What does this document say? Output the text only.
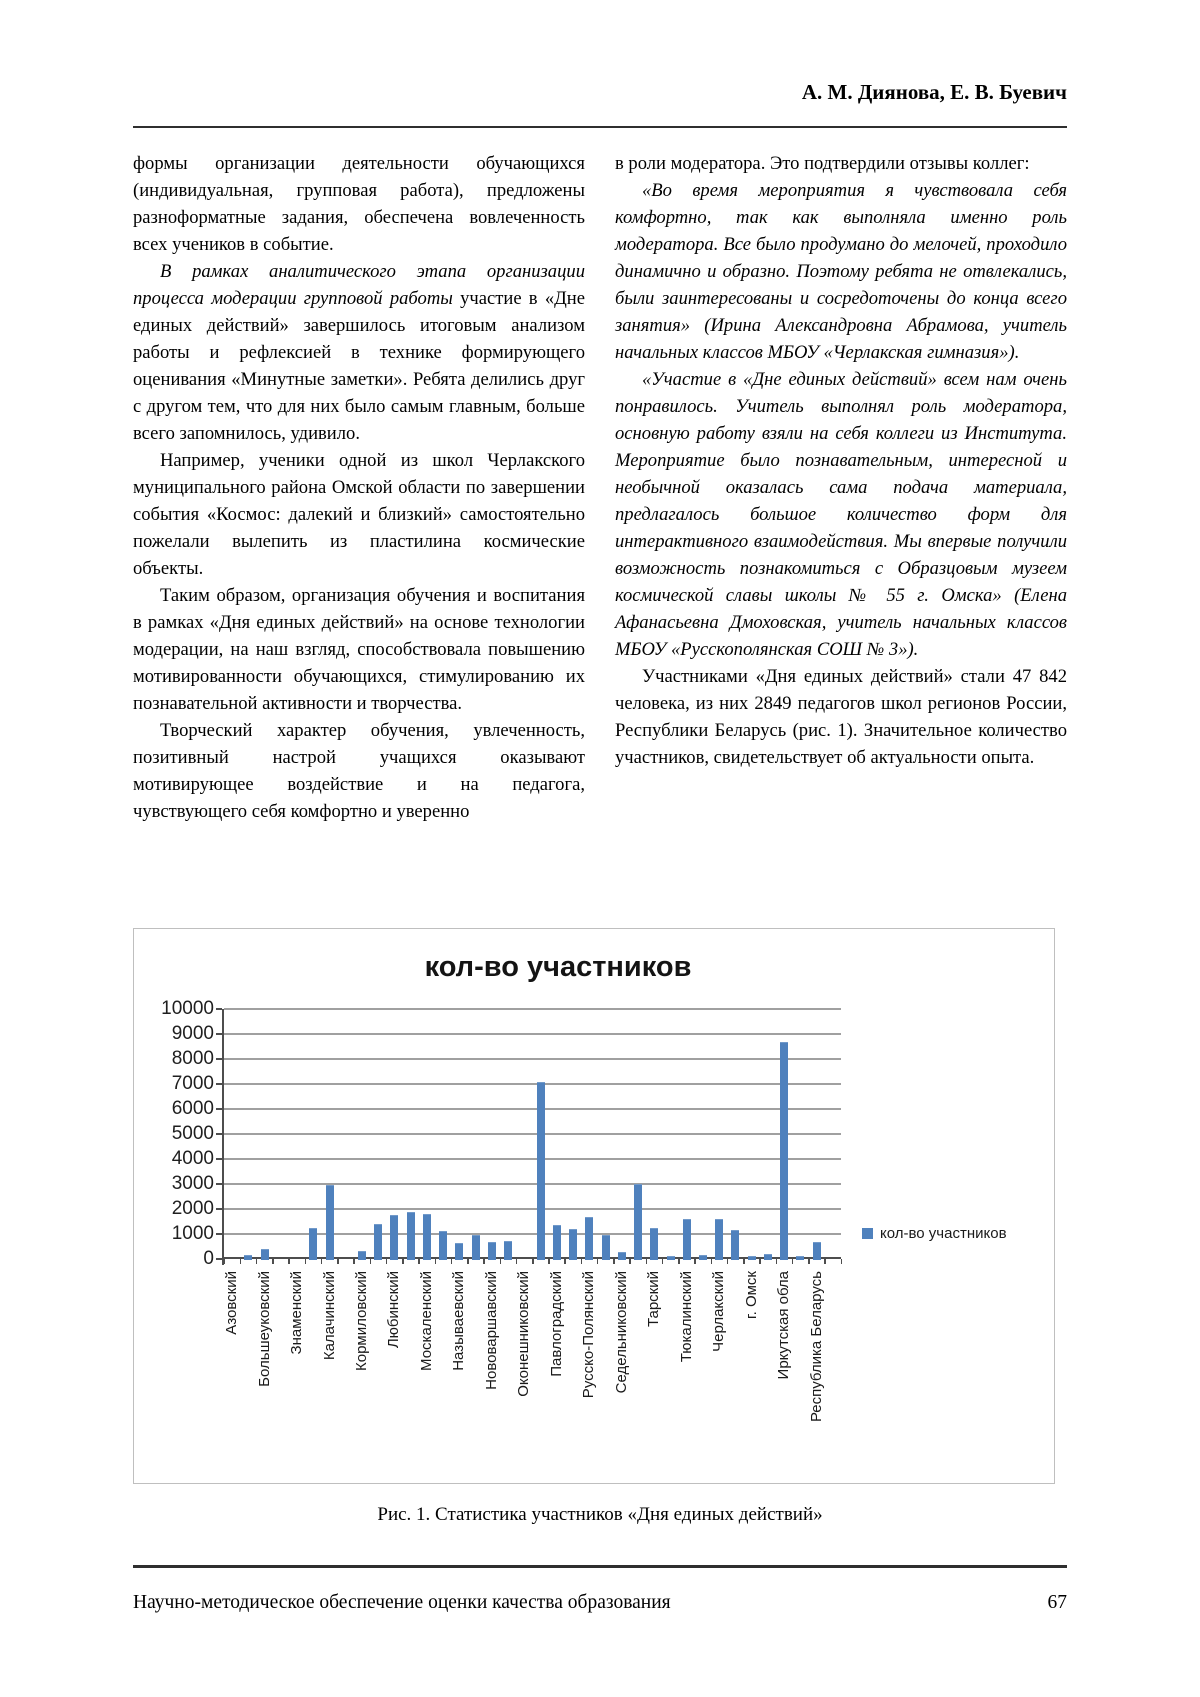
А. М. Диянова, Е. В. Буевич

формы организации деятельности обучающихся (индивидуальная, групповая работа), предложены разноформатные задания, обеспечена вовлеченность всех учеников в событие.

В рамках аналитического этапа организации процесса модерации групповой работы участие в «Дне единых действий» завершилось итоговым анализом работы и рефлексией в технике формирующего оценивания «Минутные заметки». Ребята делились друг с другом тем, что для них было самым главным, больше всего запомнилось, удивило.

Например, ученики одной из школ Черлакского муниципального района Омской области по завершении события «Космос: далекий и близкий» самостоятельно пожелали вылепить из пластилина космические объекты.

Таким образом, организация обучения и воспитания в рамках «Дня единых действий» на основе технологии модерации, на наш взгляд, способствовала повышению мотивированности обучающихся, стимулированию их познавательной активности и творчества.

Творческий характер обучения, увлеченность, позитивный настрой учащихся оказывают мотивирующее воздействие и на педагога, чувствующего себя комфортно и уверенно

в роли модератора. Это подтвердили отзывы коллег:

«Во время мероприятия я чувствовала себя комфортно, так как выполняла именно роль модератора. Все было продумано до мелочей, проходило динамично и образно. Поэтому ребята не отвлекались, были заинтересованы и сосредоточены до конца всего занятия» (Ирина Александровна Абрамова, учитель начальных классов МБОУ «Черлакская гимназия»).

«Участие в «Дне единых действий» всем нам очень понравилось. Учитель выполнял роль модератора, основную работу взяли на себя коллеги из Института. Мероприятие было познавательным, интересной и необычной оказалась сама подача материала, предлагалось большое количество форм для интерактивного взаимодействия. Мы впервые получили возможность познакомиться с Образцовым музеем космической славы школы № 55 г. Омска» (Елена Афанасьевна Дмоховская, учитель начальных классов МБОУ «Русскополянская СОШ № 3»).

Участниками «Дня единых действий» стали 47 842 человека, из них 2849 педагогов школ регионов России, Республики Беларусь (рис. 1). Значительное количество участников, свидетельствует об актуальности опыта.

кол-во участников
0
1000
2000
3000
4000
5000
6000
7000
8000
9000
10000
Азовский Большеуковский Знаменский Калачинский Кормиловский Любинский Москаленский Называевский Нововаршавский Оконешниковский Павлоградский Русско-Полянский Седельниковский Тарский Тюкалинский Черлакский г. Омск Иркутская обла Республика Беларусь
кол-во участников
Рис. 1. Статистика участников «Дня единых действий»
Научно-методическое обеспечение оценки качества образования	67
